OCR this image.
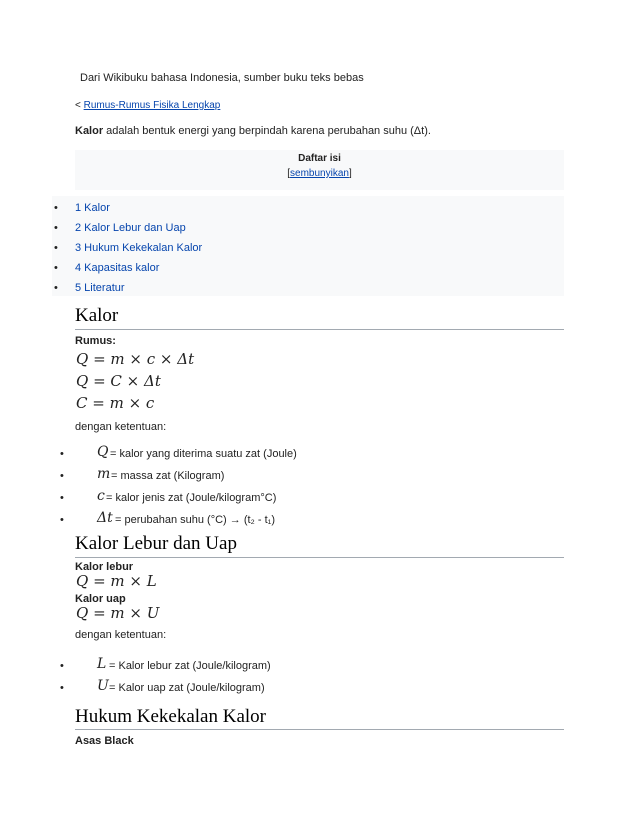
Dari Wikibuku bahasa Indonesia, sumber buku teks bebas
< Rumus-Rumus Fisika Lengkap
Kalor adalah bentuk energi yang berpindah karena perubahan suhu (Δt).
Daftar isi
[sembunyikan]
• 1 Kalor
• 2 Kalor Lebur dan Uap
• 3 Hukum Kekekalan Kalor
• 4 Kapasitas kalor
• 5 Literatur
Kalor
Rumus:
Q = m × c × Δt
Q = C × Δt
C = m × c
dengan ketentuan:
• Q = kalor yang diterima suatu zat (Joule)
• m = massa zat (Kilogram)
• c = kalor jenis zat (Joule/kilogram°C)
• Δt = perubahan suhu (°C) → (t₂ - t₁)
Kalor Lebur dan Uap
Kalor lebur
Q = m × L
Kalor uap
Q = m × U
dengan ketentuan:
• L = Kalor lebur zat (Joule/kilogram)
• U = Kalor uap zat (Joule/kilogram)
Hukum Kekekalan Kalor
Asas Black
